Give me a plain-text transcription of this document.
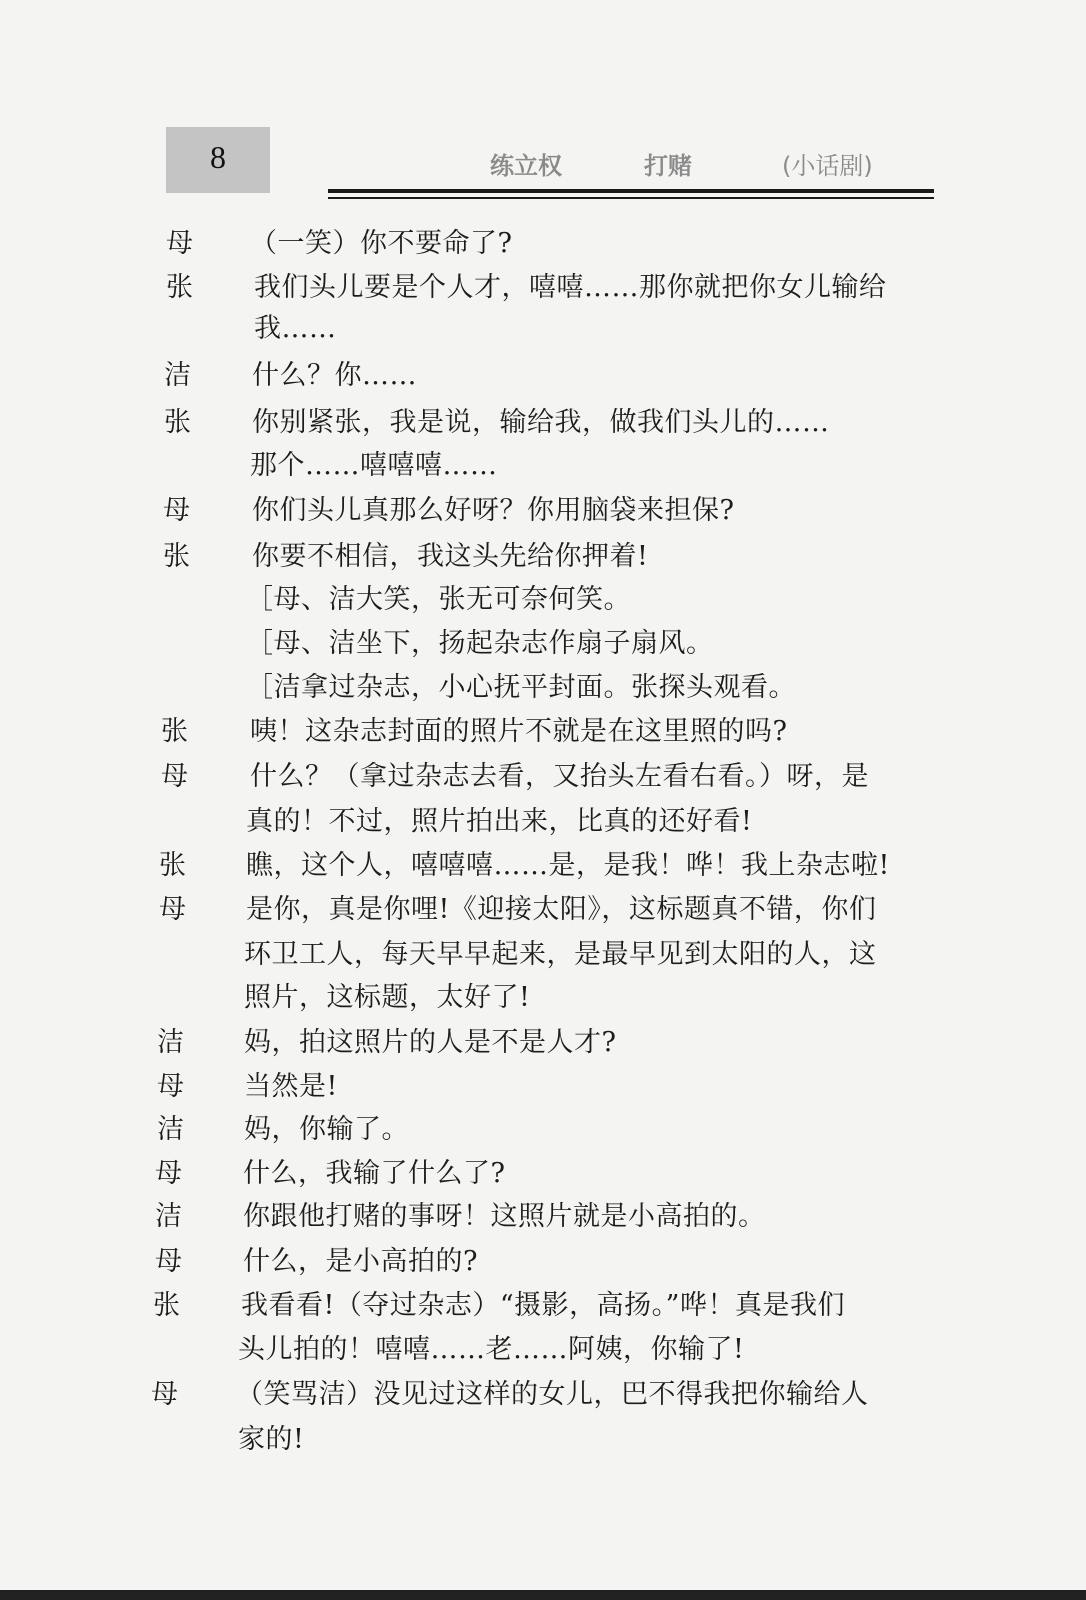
8	练立权	打赌	(小话剧)
母 （一笑）你不要命了?
张 我们头儿要是个人才，嘻嘻……那你就把你女儿输给
我……
洁 什么？你……
张 你别紧张，我是说，输给我，做我们头儿的……
那个……嘻嘻嘻……
母 你们头儿真那么好呀？你用脑袋来担保?
张 你要不相信，我这头先给你押着!
［母、洁大笑，张无可奈何笑。
［母、洁坐下，扬起杂志作扇子扇风。
［洁拿过杂志，小心抚平封面。张探头观看。
张 咦！这杂志封面的照片不就是在这里照的吗?
母 什么？（拿过杂志去看，又抬头左看右看。）呀，是
真的！不过，照片拍出来，比真的还好看!
张 瞧，这个人，嘻嘻嘻……是，是我！哗！我上杂志啦!
母 是你，真是你哩!《迎接太阳》，这标题真不错，你们
环卫工人，每天早早起来，是最早见到太阳的人，这
照片，这标题，太好了!
洁 妈，拍这照片的人是不是人才?
母 当然是!
洁 妈，你输了。
母 什么，我输了什么了?
洁 你跟他打赌的事呀！这照片就是小高拍的。
母 什么，是小高拍的?
张 我看看!（夺过杂志）“摄影，高扬。”哗！真是我们
头儿拍的！嘻嘻……老……阿姨，你输了!
母 （笑骂洁）没见过这样的女儿，巴不得我把你输给人
家的!
